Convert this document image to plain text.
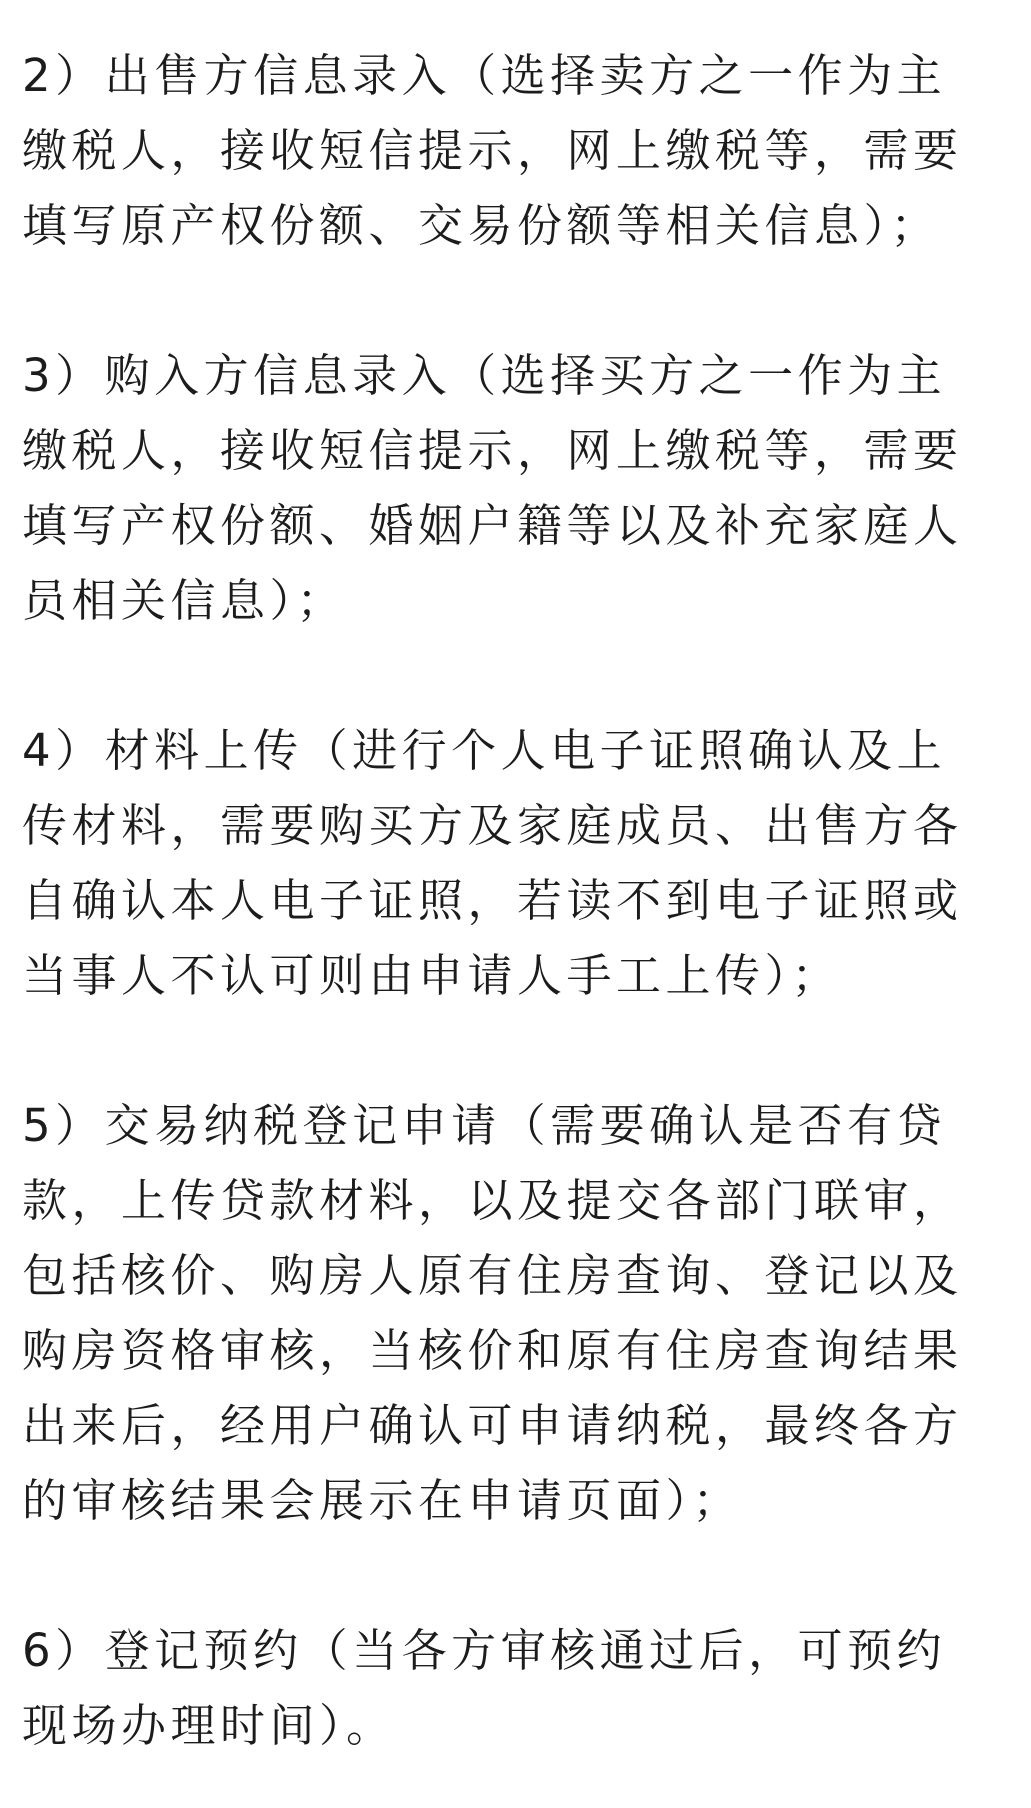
2）出售方信息录入（选择卖方之一作为主
缴税人，接收短信提示，网上缴税等，需要
填写原产权份额、交易份额等相关信息）；
3）购入方信息录入（选择买方之一作为主
缴税人，接收短信提示，网上缴税等，需要
填写产权份额、婚姻户籍等以及补充家庭人
员相关信息）；
4）材料上传（进行个人电子证照确认及上
传材料，需要购买方及家庭成员、出售方各
自确认本人电子证照，若读不到电子证照或
当事人不认可则由申请人手工上传）；
5）交易纳税登记申请（需要确认是否有贷
款，上传贷款材料，以及提交各部门联审，
包括核价、购房人原有住房查询、登记以及
购房资格审核，当核价和原有住房查询结果
出来后，经用户确认可申请纳税，最终各方
的审核结果会展示在申请页面）；
6）登记预约（当各方审核通过后，可预约
现场办理时间）。
